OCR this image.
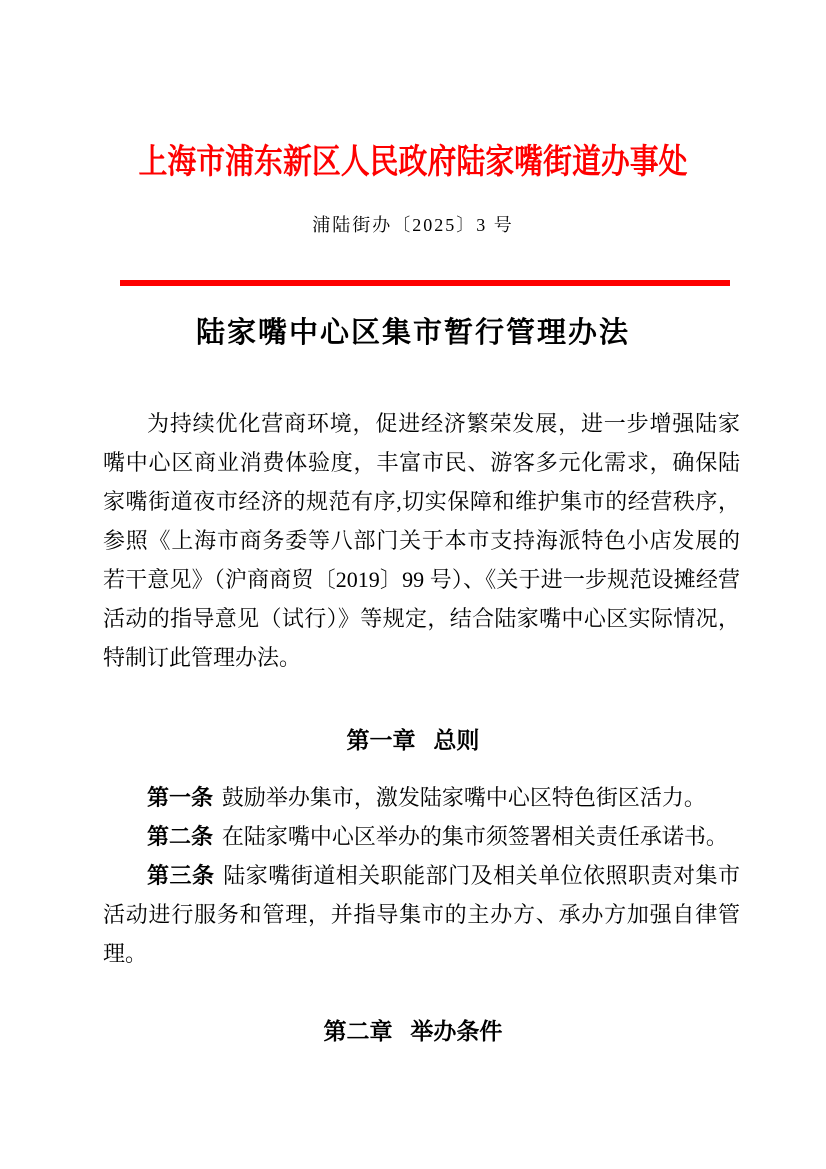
上海市浦东新区人民政府陆家嘴街道办事处
浦陆街办〔2025〕3 号
陆家嘴中心区集市暂行管理办法

为持续优化营商环境，促进经济繁荣发展，进一步增强陆家嘴中心区商业消费体验度，丰富市民、游客多元化需求，确保陆家嘴街道夜市经济的规范有序,切实保障和维护集市的经营秩序，参照《上海市商务委等八部门关于本市支持海派特色小店发展的若干意见》（沪商商贸〔2019〕99 号）、《关于进一步规范设摊经营活动的指导意见（试行）》等规定，结合陆家嘴中心区实际情况，特制订此管理办法。

第一章 总则

第一条 鼓励举办集市，激发陆家嘴中心区特色街区活力。

第二条 在陆家嘴中心区举办的集市须签署相关责任承诺书。

第三条 陆家嘴街道相关职能部门及相关单位依照职责对集市活动进行服务和管理，并指导集市的主办方、承办方加强自律管理。

第二章 举办条件
